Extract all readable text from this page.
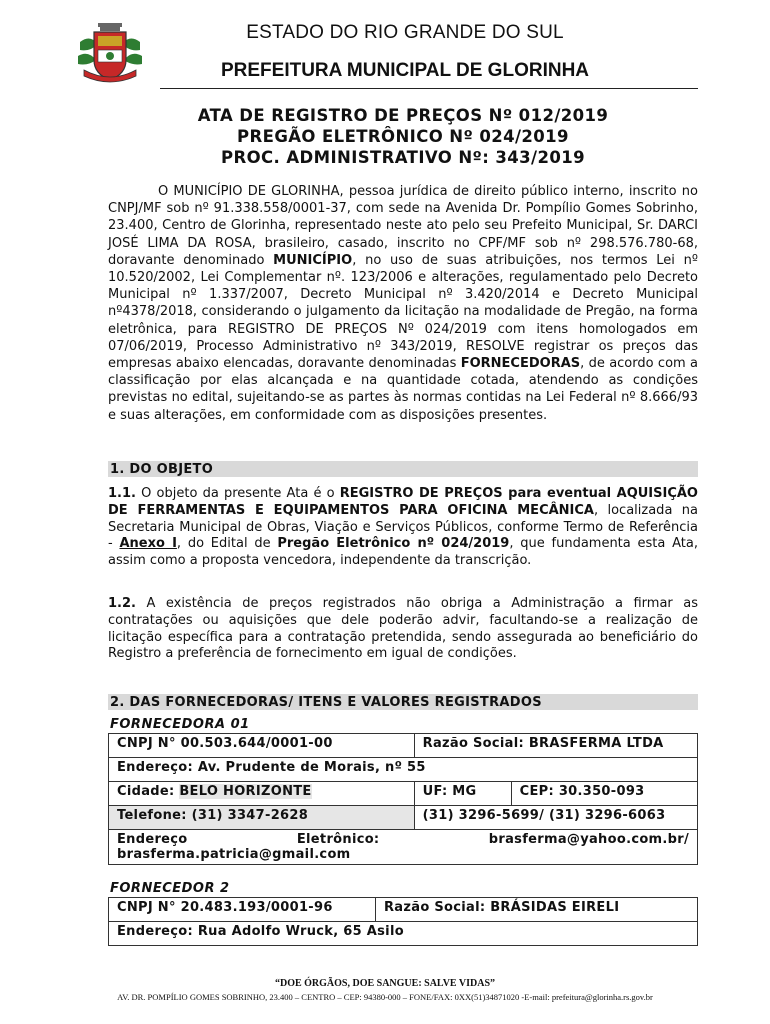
ESTADO DO RIO GRANDE DO SUL
PREFEITURA MUNICIPAL DE GLORINHA
ATA DE REGISTRO DE PREÇOS Nº 012/2019
PREGÃO ELETRÔNICO Nº 024/2019
PROC. ADMINISTRATIVO Nº: 343/2019
O MUNICÍPIO DE GLORINHA, pessoa jurídica de direito público interno, inscrito no CNPJ/MF sob nº 91.338.558/0001-37, com sede na Avenida Dr. Pompílio Gomes Sobrinho, 23.400, Centro de Glorinha, representado neste ato pelo seu Prefeito Municipal, Sr. DARCI JOSÉ LIMA DA ROSA, brasileiro, casado, inscrito no CPF/MF sob nº 298.576.780-68, doravante denominado MUNICÍPIO, no uso de suas atribuições, nos termos Lei nº 10.520/2002, Lei Complementar nº. 123/2006 e alterações, regulamentado pelo Decreto Municipal nº 1.337/2007, Decreto Municipal nº 3.420/2014 e Decreto Municipal nº4378/2018, considerando o julgamento da licitação na modalidade de Pregão, na forma eletrônica, para REGISTRO DE PREÇOS Nº 024/2019 com itens homologados em 07/06/2019, Processo Administrativo nº 343/2019, RESOLVE registrar os preços das empresas abaixo elencadas, doravante denominadas FORNECEDORAS, de acordo com a classificação por elas alcançada e na quantidade cotada, atendendo as condições previstas no edital, sujeitando-se as partes às normas contidas na Lei Federal nº 8.666/93 e suas alterações, em conformidade com as disposições presentes.
1. DO OBJETO
1.1. O objeto da presente Ata é o REGISTRO DE PREÇOS para eventual AQUISIÇÃO DE FERRAMENTAS E EQUIPAMENTOS PARA OFICINA MECÂNICA, localizada na Secretaria Municipal de Obras, Viação e Serviços Públicos, conforme Termo de Referência - Anexo I, do Edital de Pregão Eletrônico nº 024/2019, que fundamenta esta Ata, assim como a proposta vencedora, independente da transcrição.
1.2. A existência de preços registrados não obriga a Administração a firmar as contratações ou aquisições que dele poderão advir, facultando-se a realização de licitação específica para a contratação pretendida, sendo assegurada ao beneficiário do Registro a preferência de fornecimento em igual de condições.
2. DAS FORNECEDORAS/ ITENS E VALORES REGISTRADOS
FORNECEDORA 01
CNPJ N° 00.503.644/0001-00	Razão Social: BRASFERMA LTDA	
Endereço: Av. Prudente de Morais, nº 55		
Cidade: BELO HORIZONTE	UF: MG	CEP: 30.350-093
Telefone: (31) 3347-2628	(31) 3296-5699/ (31) 3296-6063	

Endereço Eletrônico: brasferma@yahoo.com.br/
brasferma.patricia@gmail.com		
FORNECEDOR 2
CNPJ N° 20.483.193/0001-96	Razão Social: BRÁSIDAS EIRELI
Endereço: Rua Adolfo Wruck, 65 Asilo
“DOE ÓRGÃOS, DOE SANGUE: SALVE VIDAS”
AV. DR. POMPÍLIO GOMES SOBRINHO, 23.400 – CENTRO – CEP: 94380-000 – FONE/FAX: 0XX(51)34871020 -E-mail: prefeitura@glorinha.rs.gov.br
